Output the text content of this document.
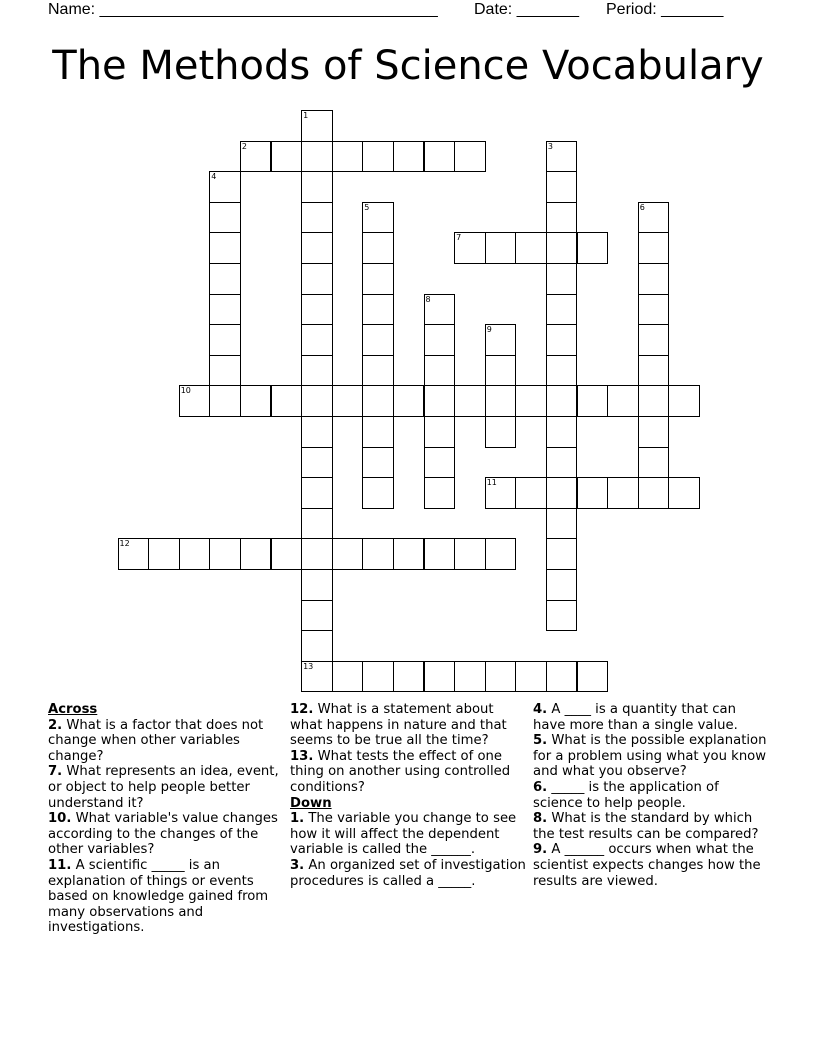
Name: ______________________________________ Date: _______ Period: _______
The Methods of Science Vocabulary
1
13
2	3
4
5	6
7
8
9
10
11
12
Across
2. What is a factor that does not change when other variables change?
7. What represents an idea, event, or object to help people better understand it?
10. What variable's value changes according to the changes of the other variables?
11. A scientific _____ is an explanation of things or events based on knowledge gained from many observations and investigations.
12. What is a statement about what happens in nature and that seems to be true all the time?
13. What tests the effect of one thing on another using controlled conditions?
Down
1. The variable you change to see how it will affect the dependent variable is called the ______.
3. An organized set of investigation procedures is called a _____.
4. A ____ is a quantity that can have more than a single value.
5. What is the possible explanation for a problem using what you know and what you observe?
6. _____ is the application of science to help people.
8. What is the standard by which the test results can be compared?
9. A ______ occurs when what the scientist expects changes how the results are viewed.
